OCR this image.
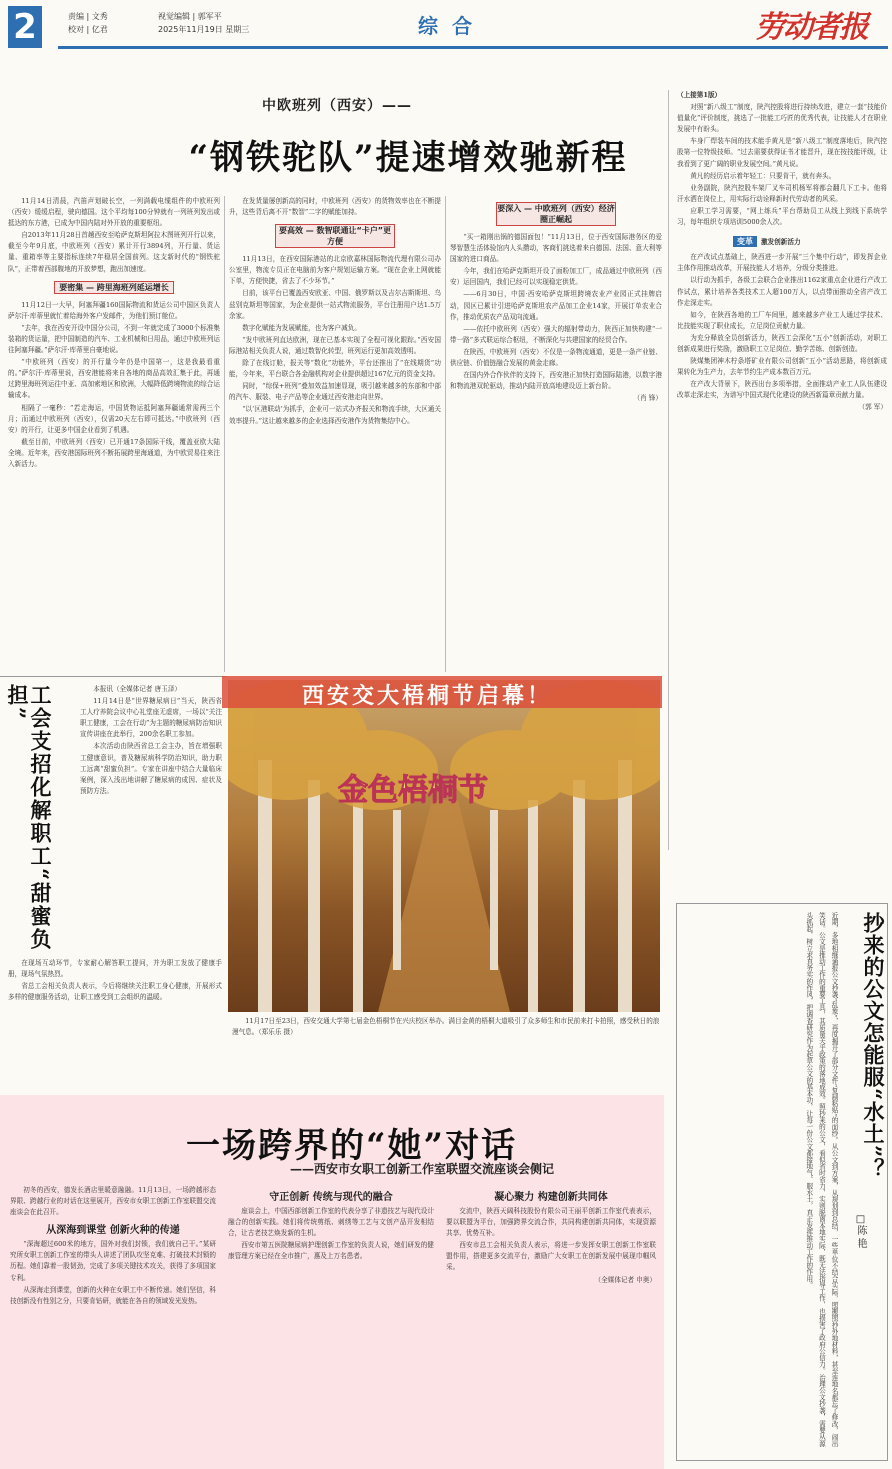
2	责编 | 文秀
校对 | 亿君
视觉编辑 | 郭军平
2025年11月19日 星期三	综合	劳动者报
中欧班列（西安）——
“钢铁驼队”提速增效驰新程

11月14日清晨，汽笛声划破长空，一列满载电缆组件的中欧班列（西安）缓缓启程，驶向德国。这个平均每100分钟就有一列班列发出或抵达的东方港，已成为中国内陆对外开放的重要枢纽。

自2013年11月28日首趟西安至哈萨克斯坦阿拉木图班列开行以来，截至今年9月底，中欧班列（西安）累计开行3894列，开行量、货运量、重箱率等主要指标连续7年稳居全国前列。这支新时代的“钢铁驼队”，正带着西部腹地的开放梦想，跑出加速度。

要密集 — 跨里海班列延运增长

11月12日一大早，阿塞拜疆160国际物流和货运公司中国区负责人萨尔汗·库蒂里就忙着给海外客户发邮件，为他们预订舱位。

“去年，我在西安开设中国分公司，不到一年就完成了3000个标准集装箱的货运量，把中国制造的汽车、工业机械和日用品，通过中欧班列运往阿塞拜疆。”萨尔汗·库蒂里自豪地说。

“中欧班列（西安）的开行量今年仍是中国第一，这是我最看重的。”萨尔汗·库蒂里说，西安港能将来自各地的商品高效汇集于此，再通过跨里海班列运往中亚、高加索地区和欧洲，大幅降低跨境物流的综合运输成本。

相隔了一毫秒：“若走海运，中国货物运抵阿塞拜疆通常需两三个月；而通过中欧班列（西安），仅需20天左右即可抵达。”中欧班列（西安）的开行，让更多中国企业看到了机遇。

截至目前，中欧班列（西安）已开通17条国际干线，覆盖亚欧大陆全境。近年来，西安港国际班列不断拓展跨里海通道，为中欧贸易往来注入新活力。

在发货量屡创新高的同时，中欧班列（西安）的货物效率也在不断提升，这些背后离不开“数智”二字的赋能加持。

要高效 — 数智联通让“卡户”更方便

11月13日，在西安国际港站的北京欧嘉林国际物流代理有限公司办公室里，物流专员正在电脑前为客户规划运输方案。“现在企业上网就能下单，方便快捷，省去了不少环节。”

目前，该平台已覆盖西安欧亚、中国、俄罗斯以及吉尔吉斯斯坦、乌兹别克斯坦等国家，为企业提供一站式物流服务，平台注册用户达1.5万余家。

数字化赋能为发展赋能，也为客户减负。

“发中欧班列直达欧洲，现在已基本实现了全程可视化跟踪。”西安国际港站相关负责人说，通过数智化转型，班列运行更加高效透明。

除了在线订舱，报关等“数化”功能外，平台还推出了“在线期货”功能，今年来，平台联合各金融机构对企业提供超过167亿元的资金支持。

同时，“综保+班列”叠加效益加速显现，吸引越来越多的东部和中部的汽车、服装、电子产品等企业通过西安港走向世界。

“以‘区港联动’为抓手，企业可一站式办齐报关和物流手续，大区通关效率提升。”这让越来越多的企业选择西安港作为货物集结中心。

要深入 — 中欧班列（西安）经济圈正崛起

“买一箱刚出锅的德国面包！”11月13日，位于西安国际港务区的爱琴智慧生活体验馆内人头攒动，客商们挑选着来自德国、法国、意大利等国家的进口商品。

今年，我们在哈萨克斯坦开设了面粉加工厂，成品通过中欧班列（西安）运回国内，我们已经可以实现稳定供货。

——6月30日，中国·西安哈萨克斯坦跨境农业产业园正式挂牌启动，园区已累计引进哈萨克斯坦农产品加工企业14家，开展订单农业合作，推动优质农产品双向流通。

——依托中欧班列（西安）强大的辐射带动力，陕西正加快构建“一带一路”多式联运综合枢纽，不断深化与共建国家的经贸合作。

在陕西，中欧班列（西安）不仅是一条物流通道，更是一条产业链、供应链、价值链融合发展的黄金走廊。

在国内外合作伙伴的支持下，西安港正加快打造国际陆港，以数字港和物流港双轮驱动，推动内陆开放高地建设迈上新台阶。

（肖 锋）

（上接第1版）

对照“新八级工”制度，陕汽控股将进行持续改进，建立一套“技能价值量化”评价制度，挑选了一批能工巧匠的优秀代表，让技能人才在职业发展中有盼头。

车身厂焊装车间的技术能手黄凡是“新八级工”制度落地后，陕汽控股第一位特级技师。“过去需要获得证书才能晋升，现在按技能评级，让我看到了更广阔的职业发展空间。”黄凡说。

黄凡的经历启示着年轻工：只要肯干，就有奔头。

业务副院，陕汽控股车架厂叉车司机杨军将都会翻几下工卡。他将汗水洒在岗位上，用实际行动诠释新时代劳动者的风采。

应职工学习需要，“网上练兵”平台帮助员工从线上到线下系统学习，每年组织专项培训5000余人次。

变革 激发创新活力

在产改试点基础上，陕西进一步开展“三个集中行动”，即发挥企业主体作用推动改革，开展技能人才培养，分级分类推进。

以行动为抓手，各级工会联合企业推出1162家重点企业进行产改工作试点，累计培养各类技术工人超100万人，以点带面推动全省产改工作走深走实。

如今，在陕西各地的工厂车间里，越来越多产业工人通过学技术、比技能实现了职业成长，立足岗位贡献力量。

为充分释放全员创新活力，陕西工会深化“五小”创新活动，对职工创新成果进行奖励，激励职工立足岗位、勤学苦练、创新创造。

陕煤集团神木柠条塔矿业有限公司创新“五小”活动思路，将创新成果转化为生产力，去年节约生产成本数百万元。

在产改大背景下，陕西出台多项举措，全面推动产业工人队伍建设改革走深走实，为谱写中国式现代化建设的陕西新篇章贡献力量。

（郭 军）

工会支招化解职工“甜蜜负担”	本报讯（全媒体记者 唐玉泽）

11月14日是“世界糖尿病日”当天，陕西省工人疗养院会议中心礼堂座无虚席，一场以“关注职工健康，工会在行动”为主题的糖尿病防治知识宣传讲座在此举行，200余名职工参加。

本次活动由陕西省总工会主办，旨在增强职工健康意识，普及糖尿病科学防治知识，助力职工远离“甜蜜负担”。专家在讲座中结合大量临床案例，深入浅出地讲解了糖尿病的成因、症状及预防方法。

在现场互动环节，专家耐心解答职工提问，并为职工发放了健康手册，现场气氛热烈。

省总工会相关负责人表示，今后将继续关注职工身心健康，开展形式多样的健康服务活动，让职工感受到工会组织的温暖。

金色梧桐节
西安交大梧桐节启幕！
11月17日至23日，西安交通大学第七届金色梧桐节在兴庆校区举办。满目金黄的梧桐大道吸引了众多师生和市民前来打卡拍照，感受秋日的浪漫气息。（郑乐乐 摄）
一场跨界的“她”对话
——西安市女职工创新工作室联盟交流座谈会侧记

初冬的西安，德发长酒店里暖意融融。11月13日，一场跨越形态界限、跨越行业的对话在这里展开，西安市女职工创新工作室联盟交流座谈会在此召开。

从深海到课堂 创新火种的传递

“深海超过600米的地方，国外对我们封锁，我们就自己干。”某研究所女职工创新工作室的带头人讲述了团队攻坚克难、打破技术封锁的历程。她们靠着一股韧劲，完成了多项关键技术攻关，获得了多项国家专利。

从深海走到课堂，创新的火种在女职工中不断传递。她们坚信，科技创新没有性别之分，只要肯钻研，就能在各自的领域发光发热。

守正创新 传统与现代的融合

座谈会上，中国西部创新工作室的代表分享了非遗技艺与现代设计融合的创新实践。她们将传统剪纸、刺绣等工艺与文创产品开发相结合，让古老技艺焕发新的生机。

西安市第五医院糖尿病护理创新工作室的负责人说，她们研发的健康管理方案已经在全市推广，惠及上万名患者。

凝心聚力 构建创新共同体

交流中，陕西天阔科技股份有限公司王丽平创新工作室代表表示，要以联盟为平台，加强跨界交流合作，共同构建创新共同体，实现资源共享、优势互补。

西安市总工会相关负责人表示，将进一步发挥女职工创新工作室联盟作用，搭建更多交流平台，激励广大女职工在创新发展中展现巾帼风采。

（全媒体记者 申奥）

抄来的公文怎能服“水土”？
□陈 艳
近期，多地相继通报公文抄袭“乱象”，再度揭开了部分文件“复制粘贴”的面纱。从公文到方案，从规划到总结，一些单位不结合实际，照搬照抄外地材料，甚至连地名都忘了修改，闹出笑话。公文是推动工作的重要工具，其质量关乎政策的落地成效。照抄来的公文，看似省时省力，实则脱离本地实际，既无法指导工作，也损害了政府公信力。治理公文抄袭，需要从源头抓起，树立求真务实的作风，把调查研究作为起草公文的基本功，让每一份公文都接地气、服水土，真正发挥推动工作的作用。
